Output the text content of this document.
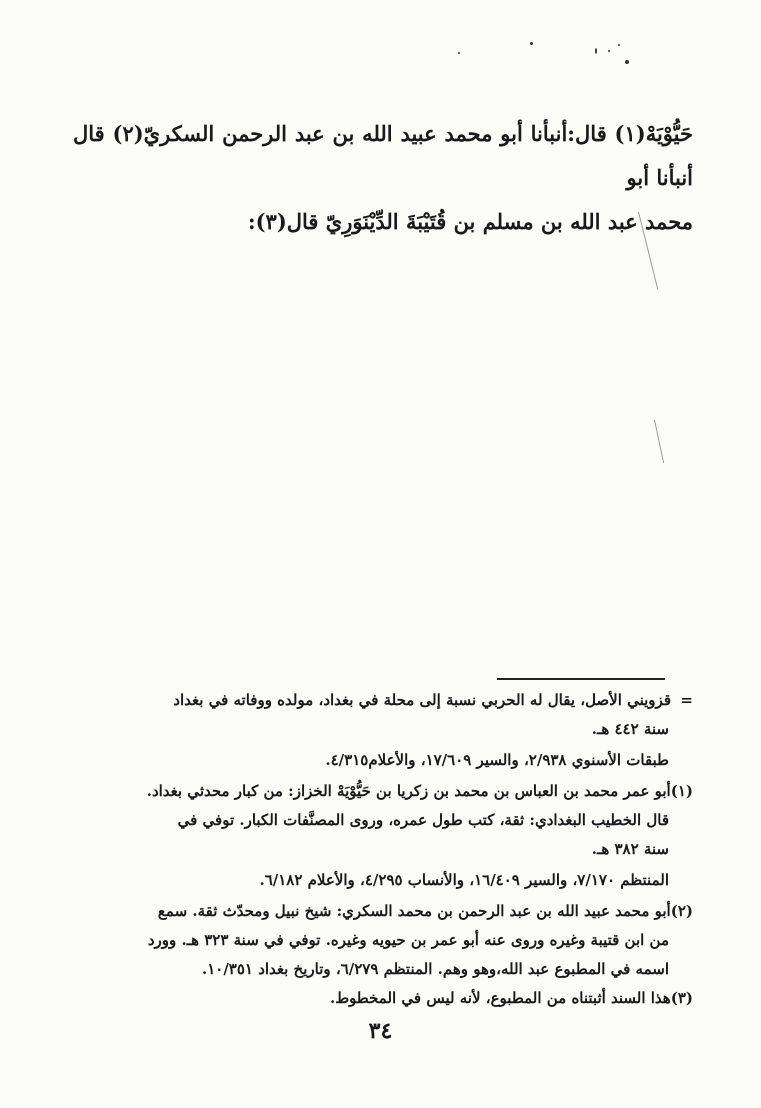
حَيُّوْيَهْ(١) قال:أنبأنا أبو محمد عبيد الله بن عبد الرحمن السكريّ(٢) قال أنبأنا أبو

محمد عبد الله بن مسلم بن قُتَيْبَةَ الدِّيْنَوَرِيّ قال(٣):

=قزويني الأصل، يقال له الحربي نسبة إلى محلة في بغداد، مولده ووفاته في بغداد
سنة ٤٤٢ هـ.
طبقات الأسنوي ٢/٩٣٨، والسير ١٧/٦٠٩، والأعلام٤/٣١٥.
(١)أبو عمر محمد بن العباس بن محمد بن زكريا بن حَيُّوْيَهْ الخزاز: من كبار محدثي بغداد.
قال الخطيب البغدادي: ثقة، كتب طول عمره، وروى المصنَّفات الكبار. توفي في
سنة ٣٨٢ هـ.
المنتظم ٧/١٧٠، والسير ١٦/٤٠٩، والأنساب ٤/٢٩٥، والأعلام ٦/١٨٢.
(٢)أبو محمد عبيد الله بن عبد الرحمن بن محمد السكري: شيخ نبيل ومحدّث ثقة. سمع
من ابن قتيبة وغيره وروى عنه أبو عمر بن حيويه وغيره. توفي في سنة ٣٢٣ هـ. وورد
اسمه في المطبوع عبد الله،وهو وهم. المنتظم ٦/٢٧٩، وتاريخ بغداد ١٠/٣٥١.
(٣)هذا السند أثبتناه من المطبوع، لأنه ليس في المخطوط.
٣٤
